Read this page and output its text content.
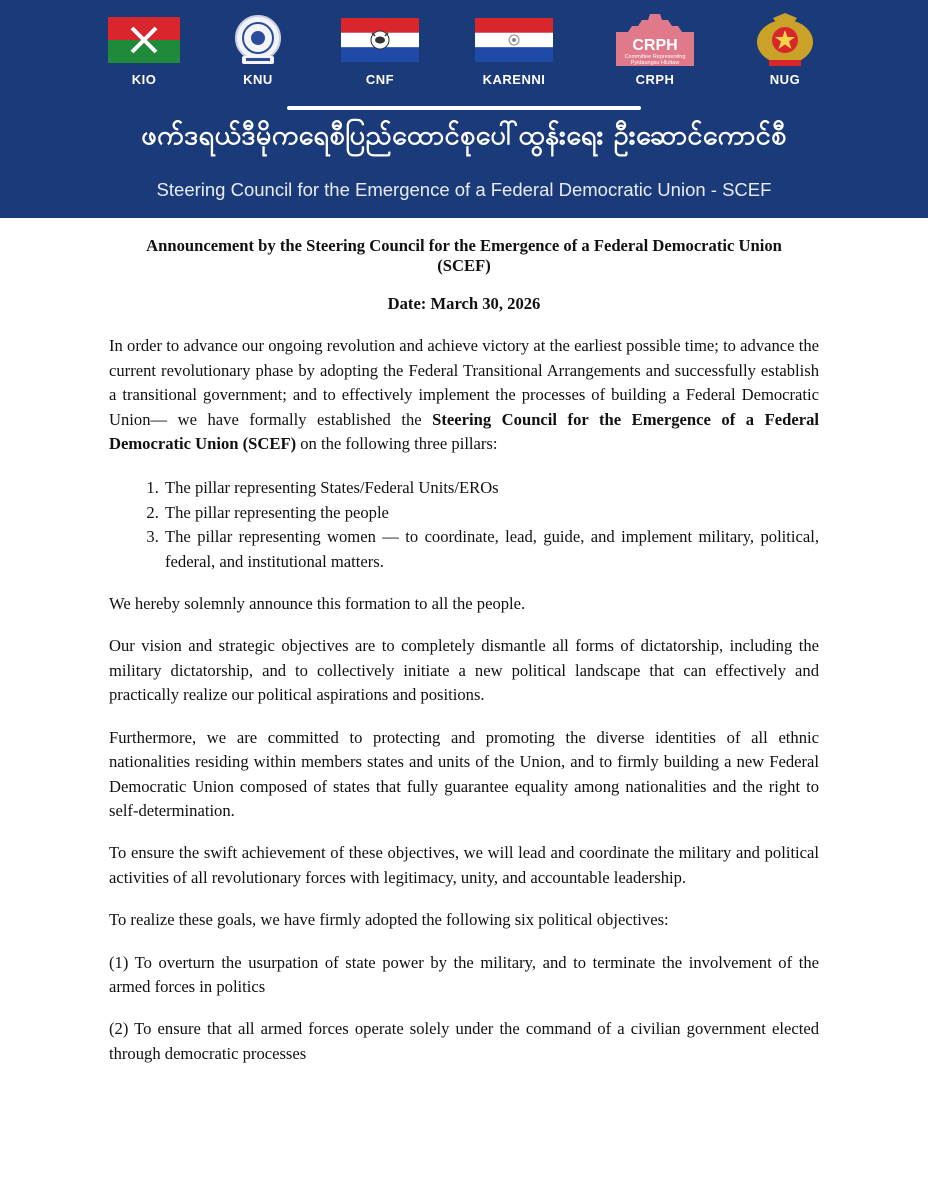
KIO	KNU	CNF	KARENNI
CRPH
Committee Representing
Pyidaungsu Hluttaw
CRPH	NUG
ဖက်ဒရယ်ဒီမိုကရေစီပြည်ထောင်စုပေါ်ထွန်းရေး ဦးဆောင်ကောင်စီ
Steering Council for the Emergence of a Federal Democratic Union - SCEF
Announcement by the Steering Council for the Emergence of a Federal Democratic Union
(SCEF)
Date: March 30, 2026

In order to advance our ongoing revolution and achieve victory at the earliest possible time; to advance the current revolutionary phase by adopting the Federal Transitional Arrangements and successfully establish a transitional government; and to effectively implement the processes of building a Federal Democratic Union— we have formally established the Steering Council for the Emergence of a Federal Democratic Union (SCEF) on the following three pillars:

1. The pillar representing States/Federal Units/EROs
2. The pillar representing the people
3. The pillar representing women — to coordinate, lead, guide, and implement military, political, federal, and institutional matters.

We hereby solemnly announce this formation to all the people.

Our vision and strategic objectives are to completely dismantle all forms of dictatorship, including the military dictatorship, and to collectively initiate a new political landscape that can effectively and practically realize our political aspirations and positions.

Furthermore, we are committed to protecting and promoting the diverse identities of all ethnic nationalities residing within members states and units of the Union, and to firmly building a new Federal Democratic Union composed of states that fully guarantee equality among nationalities and the right to self-determination.

To ensure the swift achievement of these objectives, we will lead and coordinate the military and political activities of all revolutionary forces with legitimacy, unity, and accountable leadership.

To realize these goals, we have firmly adopted the following six political objectives:

(1) To overturn the usurpation of state power by the military, and to terminate the involvement of the armed forces in politics

(2) To ensure that all armed forces operate solely under the command of a civilian government elected through democratic processes
